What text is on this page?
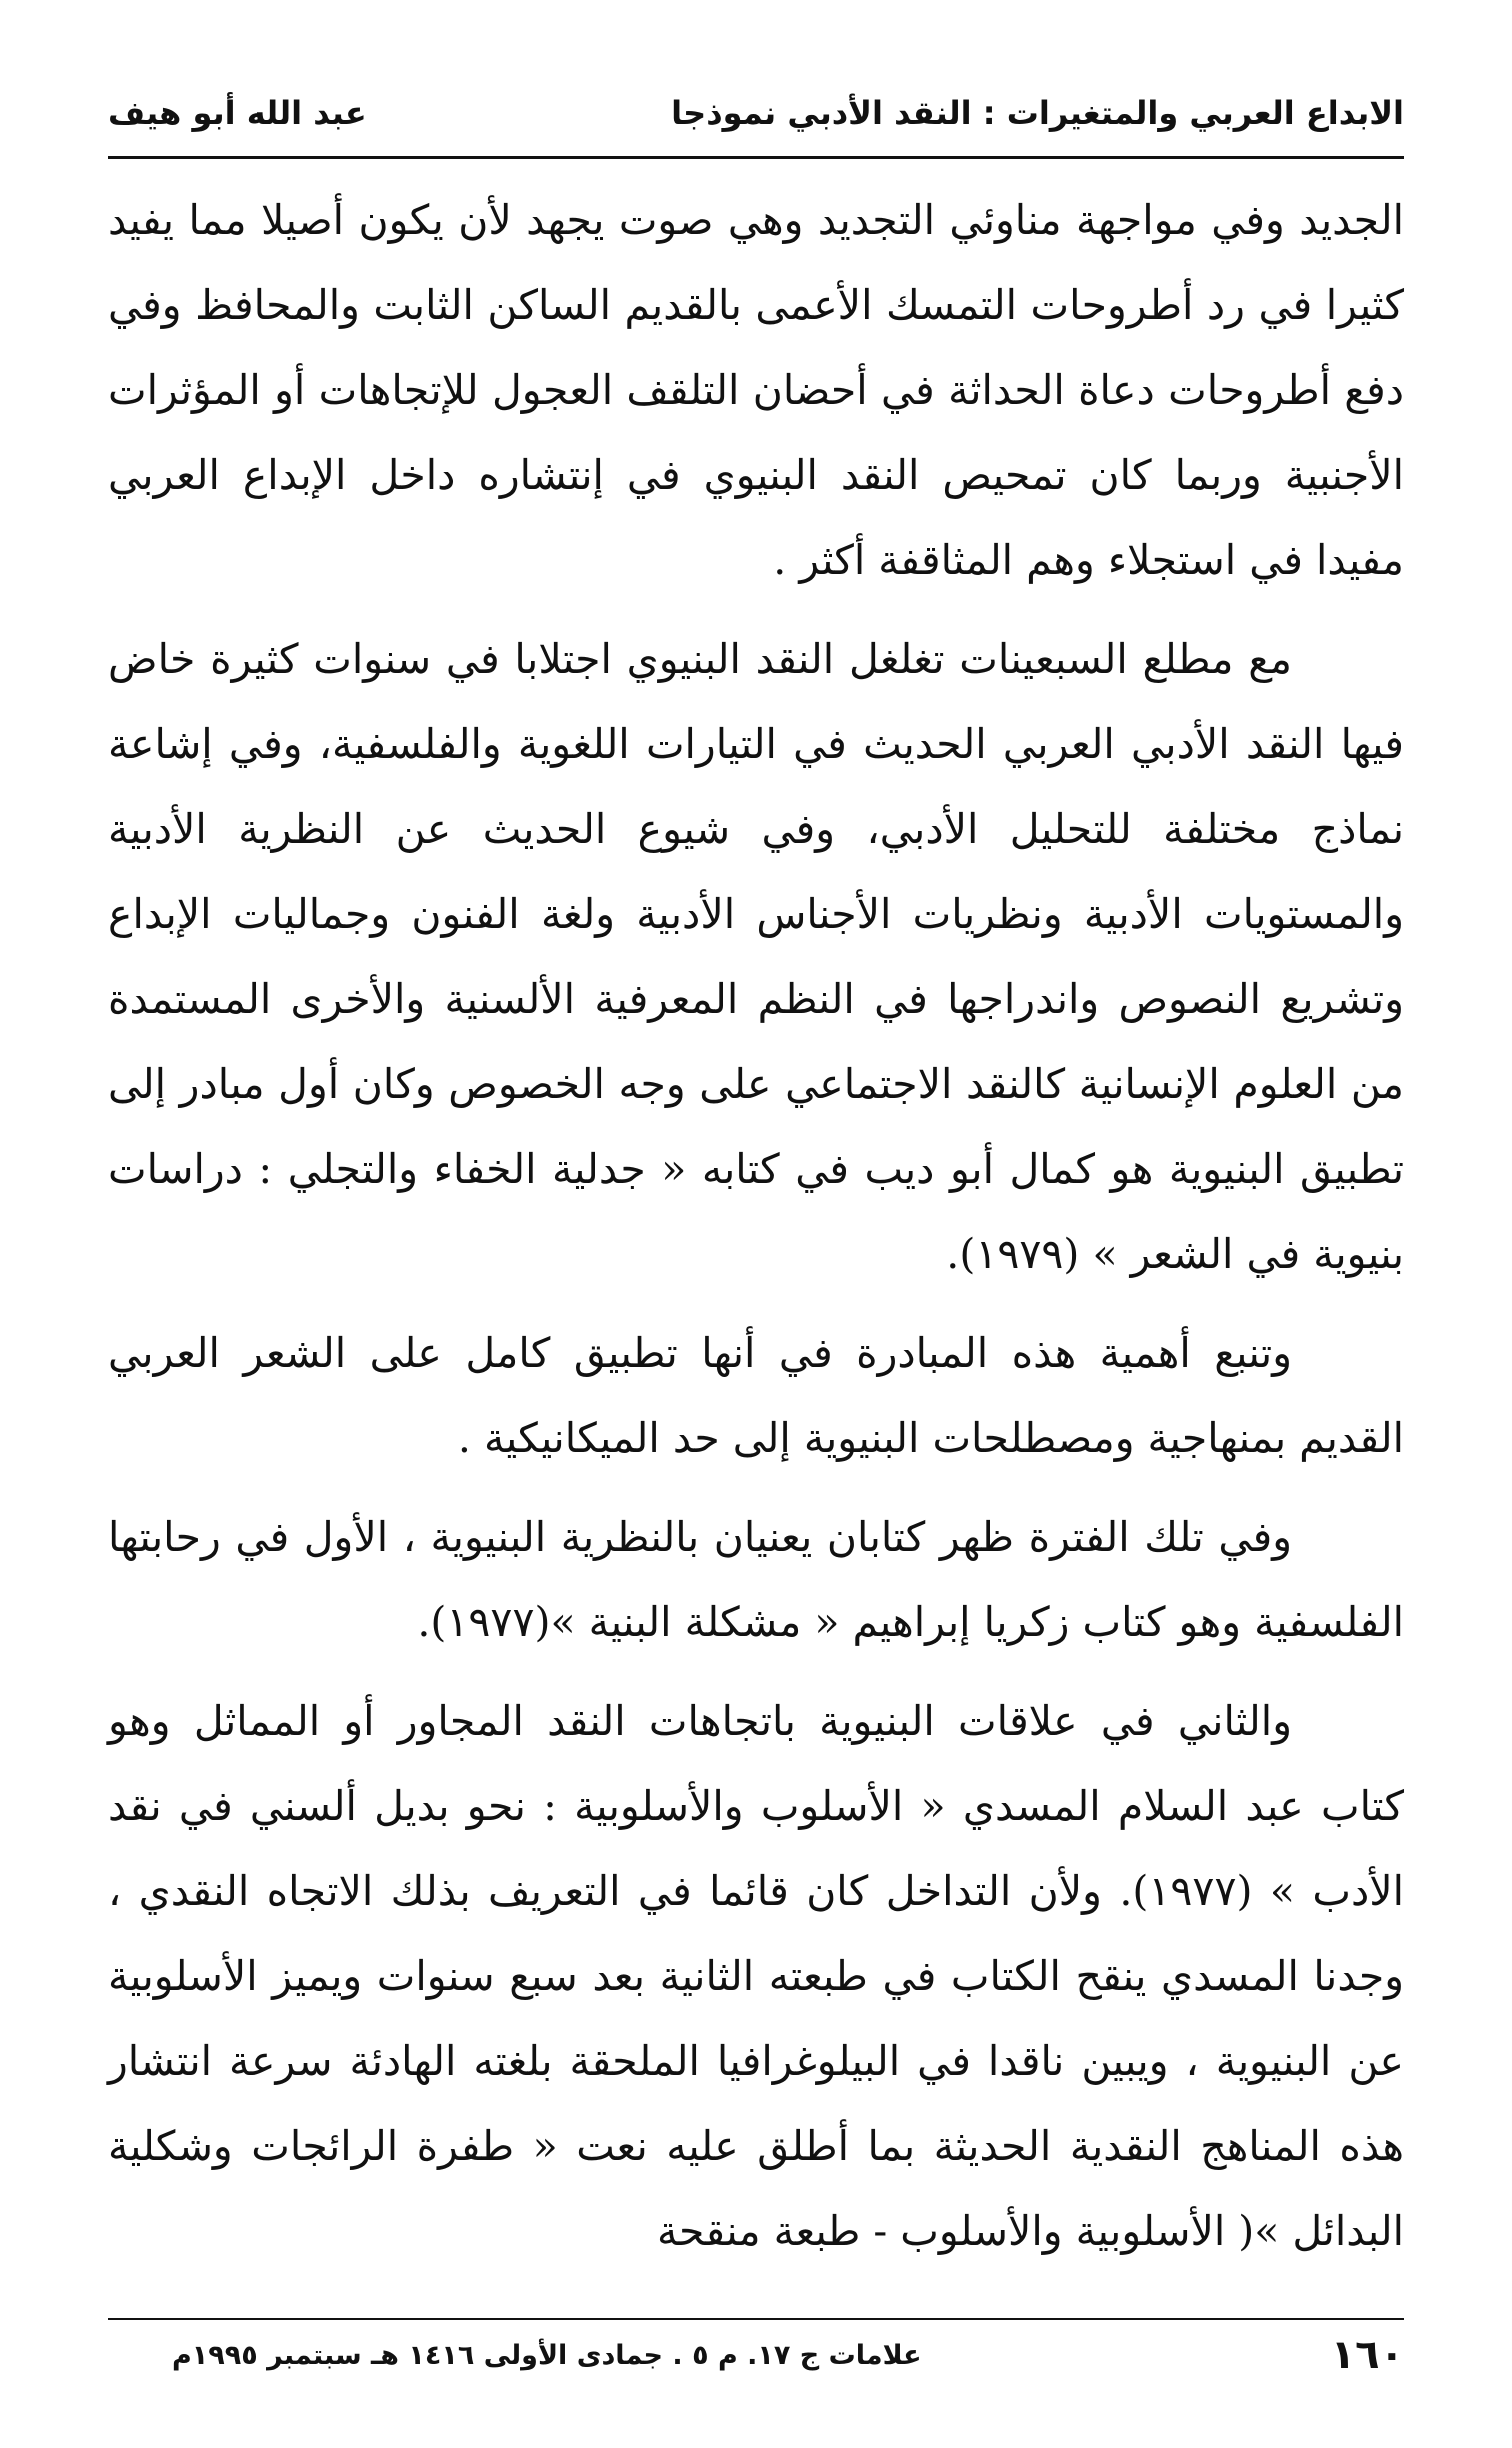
الابداع العربي والمتغيرات : النقد الأدبي نموذجا
عبد الله أبو هيف

الجديد وفي مواجهة مناوئي التجديد وهي صوت يجهد لأن يكون أصيلا مما يفيد كثيرا في رد أطروحات التمسك الأعمى بالقديم الساكن الثابت والمحافظ وفي دفع أطروحات دعاة الحداثة في أحضان التلقف العجول للإتجاهات أو المؤثرات الأجنبية وربما كان تمحيص النقد البنيوي في إنتشاره داخل الإبداع العربي مفيدا في استجلاء وهم المثاقفة أكثر .

مع مطلع السبعينات تغلغل النقد البنيوي اجتلابا في سنوات كثيرة خاض فيها النقد الأدبي العربي الحديث في التيارات اللغوية والفلسفية، وفي إشاعة نماذج مختلفة للتحليل الأدبي، وفي شيوع الحديث عن النظرية الأدبية والمستويات الأدبية ونظريات الأجناس الأدبية ولغة الفنون وجماليات الإبداع وتشريع النصوص واندراجها في النظم المعرفية الألسنية والأخرى المستمدة من العلوم الإنسانية كالنقد الاجتماعي على وجه الخصوص وكان أول مبادر إلى تطبيق البنيوية هو كمال أبو ديب في كتابه « جدلية الخفاء والتجلي : دراسات بنيوية في الشعر » (١٩٧٩).

وتنبع أهمية هذه المبادرة في أنها تطبيق كامل على الشعر العربي القديم بمنهاجية ومصطلحات البنيوية إلى حد الميكانيكية .

وفي تلك الفترة ظهر كتابان يعنيان بالنظرية البنيوية ، الأول في رحابتها الفلسفية وهو كتاب زكريا إبراهيم « مشكلة البنية »(١٩٧٧).

والثاني في علاقات البنيوية باتجاهات النقد المجاور أو المماثل وهو كتاب عبد السلام المسدي « الأسلوب والأسلوبية : نحو بديل ألسني في نقد الأدب » (١٩٧٧). ولأن التداخل كان قائما في التعريف بذلك الاتجاه النقدي ، وجدنا المسدي ينقح الكتاب في طبعته الثانية بعد سبع سنوات ويميز الأسلوبية عن البنيوية ، ويبين ناقدا في البيلوغرافيا الملحقة بلغته الهادئة سرعة انتشار هذه المناهج النقدية الحديثة بما أطلق عليه نعت « طفرة الرائجات وشكلية البدائل »( الأسلوبية والأسلوب - طبعة منقحة

١٦٠
علامات ج ١٧. م ٥ . جمادى الأولى ١٤١٦ هـ سبتمبر ١٩٩٥م
